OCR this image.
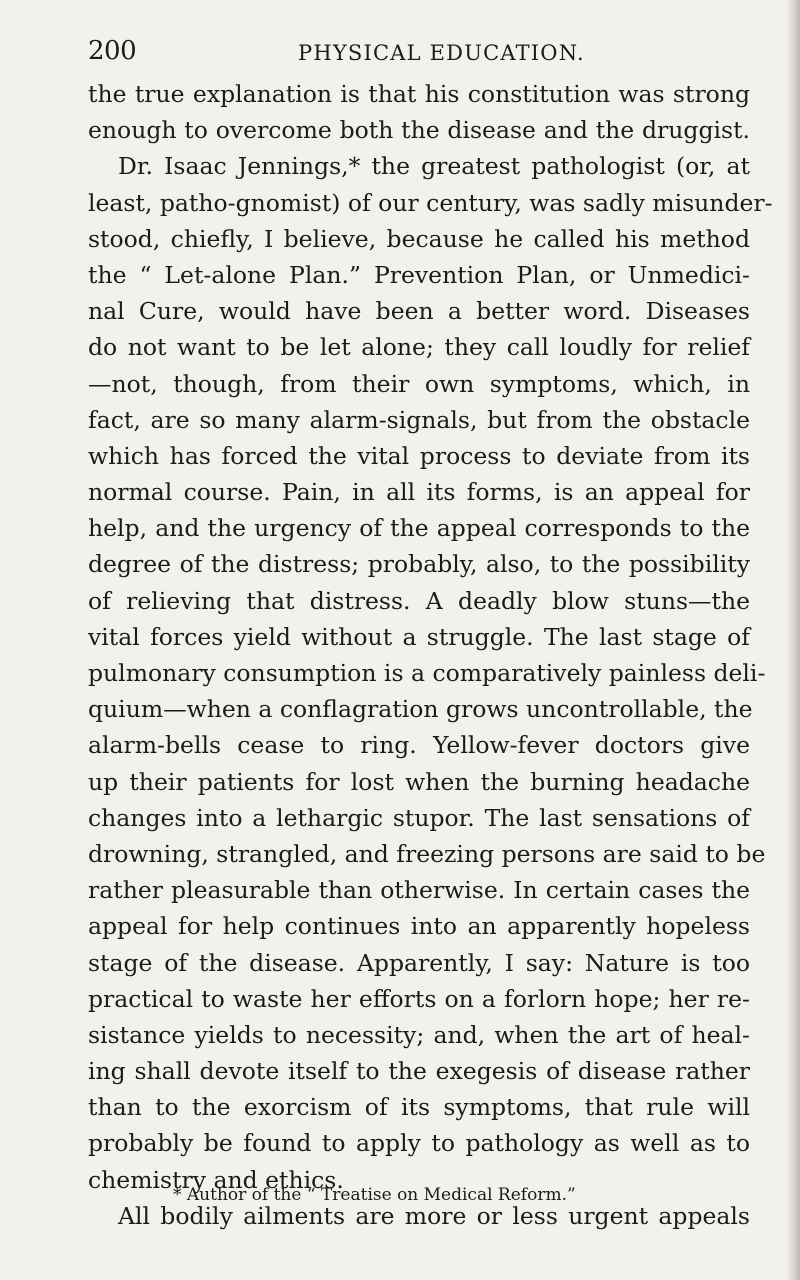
200	PHYSICAL EDUCATION.
the true explanation is that his constitution was strong
enough to overcome both the disease and the druggist.
Dr. Isaac Jennings,* the greatest pathologist (or, at
least, patho-gnomist) of our century, was sadly misunder-
stood, chiefly, I believe, because he called his method
the “ Let-alone Plan.” Prevention Plan, or Unmedici-
nal Cure, would have been a better word. Diseases
do not want to be let alone; they call loudly for relief
—not, though, from their own symptoms, which, in
fact, are so many alarm-signals, but from the obstacle
which has forced the vital process to deviate from its
normal course. Pain, in all its forms, is an appeal for
help, and the urgency of the appeal corresponds to the
degree of the distress; probably, also, to the possibility
of relieving that distress. A deadly blow stuns—the
vital forces yield without a struggle. The last stage of
pulmonary consumption is a comparatively painless deli-
quium—when a conflagration grows uncontrollable, the
alarm-bells cease to ring. Yellow-fever doctors give
up their patients for lost when the burning headache
changes into a lethargic stupor. The last sensations of
drowning, strangled, and freezing persons are said to be
rather pleasurable than otherwise. In certain cases the
appeal for help continues into an apparently hopeless
stage of the disease. Apparently, I say: Nature is too
practical to waste her efforts on a forlorn hope; her re-
sistance yields to necessity; and, when the art of heal-
ing shall devote itself to the exegesis of disease rather
than to the exorcism of its symptoms, that rule will
probably be found to apply to pathology as well as to
chemistry and ethics.
All bodily ailments are more or less urgent appeals
* Author of the “ Treatise on Medical Reform.”
